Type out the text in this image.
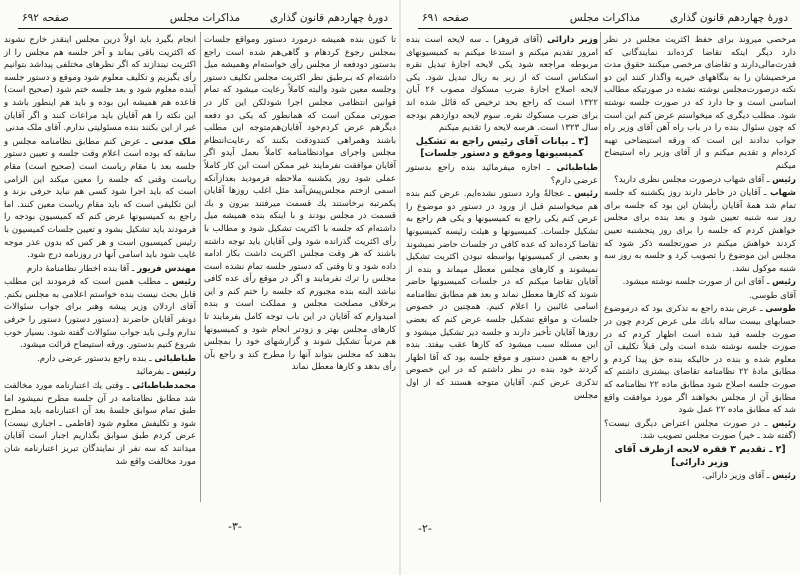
دورهٔ چهاردهم قانون گذاری
مذاکرات مجلس
صفحه ۶۹۲
تا کنون بنده همیشه درمورد دستور ومواقع جلسات بمجلس رجوع کردهام و گاهی‌هم شده است راجع بدستور دودفعه از مجلس رأی خواسته‌ام وهمیشه میل داشته‌ام که بـرطبق نظر اکثریت مجلس تکلیف دستور وجلسه معین شود والبته کاملاً رعایت میشود که تمام قوانین انتظامی مجلس اجرا شودلکن این کار در صورتی ممکن است که همانطور که یکی دو دفعه دیگرهم عرض کردم‌خود آقایان‌هم‌متوجه این مطلب باشند وهمراهی کنندودقت بکنند که رعایت‌انتظام مجلس واجرای موادنظامنامه کاملاً بعمل آیدو اگر آقایان موافقت نفرمایند غیر ممکن است این کار کاملاً عملی شود روز یکشنبه ملاحظه فرمودید بعدازآنکه اسمی ازختم مجلس‌پیش‌آمد مثل اغلب روزها آقایان یکمرتبه برخاستند یك قسمت میرفتند بیرون و یك قسمت در مجلس بودند و با اینکه بنده همیشه میل داشته‌ام که جلسه با اکثریت تشکیل شود و مطالب با رأی اکثریت گذرانده شود ولی آقایان باید توجه داشته باشند که هر وقت مجلس اکثریت داشت بکار ادامه داده شود و تا وقتی که دستور جلسه تمام نشده است مجلس را ترك نفرمایند و اگر در موقع رأی عده کافی نباشد البته بنده مجبورم که جلسه را ختم کنم و این برخلاف مصلحت مجلس و مملکت است و بنده امیدوارم که آقایان در این باب توجه کامل بفرمایند تا کارهای مجلس بهتر و زودتر انجام شود و کمیسیونها هم مرتباً تشکیل شوند و گزارشهای خود را بمجلس بدهند که مجلس بتواند آنها را مطرح کند و راجع بآن رأی بدهد و کارها معطل نماند
انجام بگیرد باید اولاً درین مجلس اینقدر خارج نشوند که اکثریت باقی بماند و آخر جلسه هم مجلس را از اکثریت نیندازند که اگر نظرهای مختلفی پیداشد بتوانیم رأی بگیریم و تکلیف معلوم شود وموقع و دستور جلسه آینده معلوم شود و بعد جلسه ختم شود (صحیح است) قاعده هم همیشه این بوده و باید هم اینطور باشد و این نکته را هم آقایان باید مراعات کنند و اگر آقایان غیر از این بکنند بنده مسئولیتی ندارم. آقای ملک مدنی
ملک مدنی ـ عرض کنم مطابق نظامنامه مجلس و سابقه که بوده است اعلام وقت جلسه و تعیین دستور جلسه بعد با مقام ریاست است (صحیح است) مقام ریاست وقتی که جلسه را معین میکند این الزامی است که باید اجرا شود کسی هم نباید حرفی بزند و این تکلیفی است که باید مقام ریاست معین کنند. اما راجع به کمیسیونها عرض کنم که کمیسیون بودجه را فرمودند باید تشکیل بشود و تعیین جلسات کمیسیون با رئیس کمیسیون است و هر کس که بدون عذر موجه غایب شود باید اسامی آنها در روزنامه درج شود.
مهندس فریور ـ آقا بنده اخطار نظامنامهٔ دارم
رئیس ـ مطلب همین است که فرمودند این مطلب قابل بحث نیست بنده خواستم اعلامی به مجلس بکنم. آقای اردلان وزیر پیشه وهنر برای جواب سئوالات دونفر آقایان حاضرند (دستور دستور) دستور را حرفی ندارم ولـی باید جواب سئوالات گفته شود. بسیار خوب شروع کنیم بدستور. ورقه استیضاح قرائت میشود.
طباطبائی ـ بنده راجع بدستور عرضی دارم.
رئیس ـ بفرمائید
محمدطباطبائی ـ وقتی یك اعتبارنامه مورد مخالفت شد مطابق نظامنامه در آن جلسه مطرح نمیشود اما طبق تمام سوابق جلسهٔ بعد آن اعتبارنامه باید مطرح شود و تکلیفش معلوم شود (فاطمی ـ اجباری نیست) عرض کردم طبق سوابق بگذاریم اجبار است آقایان میدانند که سه نفر از نمایندگان تبریز اعتبارنامه شان مورد مخالفت واقع شد
-۳-
دورهٔ چهاردهم قانون گذاری
مذاکرات مجلس
صفحه ۶۹۱
مرخصی میروند برای حفظ اکثریت مجلس در نظر دارد دیگر اینکه تقاضا کرده‌اند نمایندگانی که قدرت‌مالی‌دارند و تقاضای مرخصی میکنند حقوق مدت مرخصیشان را به بنگاههای خیریه واگذار کنند این دو نکته درصورت‌مجلس نوشته نشده در صورتیکه مطالب اساسی است و جا دارد که در صورت جلسه نوشته شود. مطلب دیگری که میخواستم عرض کنم این است که چون سئوال بنده را در باب راه آهن آقای وزیر راه جواب ندادند این است که ورقه استیضاحی تهیه کرده‌ام و تقدیم میکنم و از آقای وزیر راه استیضاح میکنم
رئیس ـ آقای شهاب درصورت مجلس نظری دارید؟
شهاب ـ آقایان در خاطر دارند روز یکشنبه که جلسه تمام شد همهٔ آقایان رأیشان این بود که جلسه برای روز سه شنبه تعیین شود و بعد بنده برای مجلس خواهش کردم که جلسه را برای روز پنجشنبه تعیین کردند خواهش میکنم در صورتجلسه ذکر شود که مجلس این موضوع را تصویب کرد و جلسه به روز سه شنبه موکول نشد.
رئیس ـ آقای ابن از صورت جلسه نوشته میشود.
آقای طوسی.
طوسی ـ عرض بنده راجع به تذکری بود که درموضوع حسابهای بیست ساله بانك ملی عرض کردم چون در صورت جلسه قید شده است اظهار کردم که در صورت جلسه نوشته شده است ولی قبلاً تکلیف آن معلوم شده و بنده در حالیکه بنده حق پیدا کردم و مطابق مادهٔ ۲۲ نظامنامه تقاضای بیشتری داشتم که صورت جلسه اصلاح شود مطابق ماده ۲۲ نظامنامه که مطابق آن از مجلس بخواهند اگر مورد موافقت واقع شد که مطابق ماده ۲۲ عمل شود
رئیس ـ در صورت مجلس اعتراض دیگری نیست؟ (گفته شد ـ خیر) صورت مجلس تصویب شد.
[۲ ـ تقدیم ۳ فقره لایحه ازطرف آقای وزیر دارائی]
رئیس ـ آقای وزیر دارائی.
وزیر دارائی (آقای فروهر) ـ سه لایحه است بنده امروز تقدیم میکنم و استدعا میکنم به کمیسیونهای مربوطه مراجعه شود یکی لایحه اجازهٔ تبدیل نقره اسکناس است که از زیر به ریال تبدیل شود. یکی لایحه اصلاح اجازهٔ ضرب مسکوك مصوب ۲۶ آبان ۱۳۲۲ است که راجع بحد ترخیص که قائل شده اند برای ضرب مسکوك نقره. سوم لایحه دوازدهم بودجه سال ۱۳۲۳ است. هرسه لایحه را تقدیم میکنم
[۳ ـ بیانات آقای رئیس راجع به تشکیل کمیسیونها وموقع و دستور جلسات]
طباطبائی ـ اجازه میفرمائید بنده راجع بدستور عرضی دارم؟
رئیس ـ عجالةً وارد دستور نشده‌ایم. عرض کنم بنده هم میخواستم قبل از ورود در دستور دو موضوع را عرض کنم یکی راجع به کمیسیونها و یکی هم راجع به تشکیل جلسات. کمیسیونها و هیئت رئیسه کمیسیونها تقاضا کرده‌اند که عده کافی در جلسات حاضر نمیشوند و بعضی از کمیسیونها بواسطه نبودن اکثریت تشکیل نمیشوند و کارهای مجلس معطل میماند و بنده از آقایان تقاضا میکنم که در جلسات کمیسیونها حاضر شوند که کارها معطل نماند و بعد هم مطابق نظامنامه اسامی غائبین را اعلام کنیم. همچنین در خصوص جلسات و مواقع تشکیل جلسه عرض کنم که بعضی روزها آقایان تأخیر دارند و جلسه دیر تشکیل میشود و این مسئله سبب میشود که کارها عقب بیفتد. بنده راجع به همین دستور و موقع جلسه بود که آقا اظهار کردند خود بنده در نظر داشتم که در این خصوص تذکری عرض کنم. آقایان متوجه هستند که از اول مجلس
-۲-
